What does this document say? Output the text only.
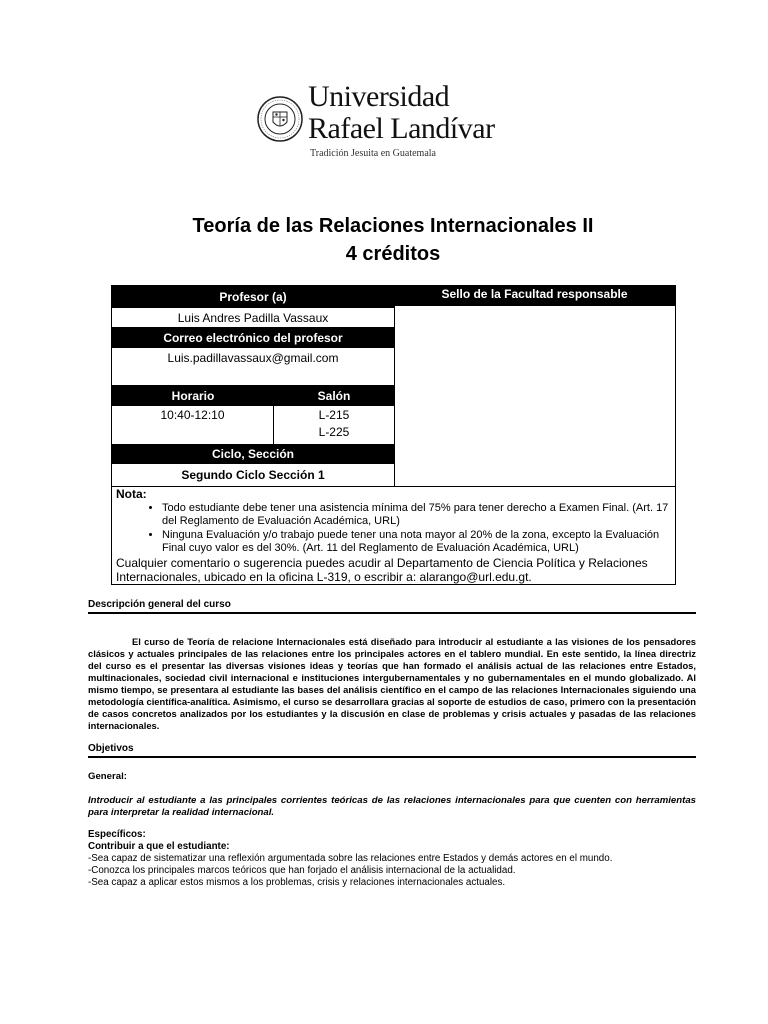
Universidad
Rafael Landívar
Tradición Jesuita en Guatemala
Teoría de las Relaciones Internacionales II
4 créditos
Profesor (a)
Luis Andres Padilla Vassaux
Correo electrónico del profesor
Luis.padillavassaux@gmail.com
Horario	Salón
10:40-12:10	L-215
L-225
Ciclo, Sección
Segundo Ciclo Sección 1
Sello de la Facultad responsable
Nota:
• Todo estudiante debe tener una asistencia mínima del 75% para tener derecho a Examen Final. (Art. 17 del Reglamento de Evaluación Académica, URL)
• Ninguna Evaluación y/o trabajo puede tener una nota mayor al 20% de la zona, excepto la Evaluación Final cuyo valor es del 30%. (Art. 11 del Reglamento de Evaluación Académica, URL)
Cualquier comentario o sugerencia puedes acudir al Departamento de Ciencia Política y Relaciones Internacionales, ubicado en la oficina L-319, o escribir a: alarango@url.edu.gt.
Descripción general del curso

El curso de Teoría de relacione Internacionales está diseñado para introducir al estudiante a las visiones de los pensadores clásicos y actuales principales de las relaciones entre los principales actores en el tablero mundial. En este sentido, la línea directriz del curso es el presentar las diversas visiones ideas y teorías que han formado el análisis actual de las relaciones entre Estados, multinacionales, sociedad civil internacional e instituciones intergubernamentales y no gubernamentales en el mundo globalizado. Al mismo tiempo, se presentara al estudiante las bases del análisis científico en el campo de las relaciones Internacionales siguiendo una metodología científica-analítica. Asimismo, el curso se desarrollara gracias al soporte de estudios de caso, primero con la presentación de casos concretos analizados por los estudiantes y la discusión en clase de problemas y crisis actuales y pasadas de las relaciones internacionales.

Objetivos
General:

Introducir al estudiante a las principales corrientes teóricas de las relaciones internacionales para que cuenten con herramientas para interpretar la realidad internacional.

Específicos:
Contribuir a que el estudiante:
-Sea capaz de sistematizar una reflexión argumentada sobre las relaciones entre Estados y demás actores en el mundo.
-Conozca los principales marcos teóricos que han forjado el análisis internacional de la actualidad.
-Sea capaz a aplicar estos mismos a los problemas, crisis y relaciones internacionales actuales.
